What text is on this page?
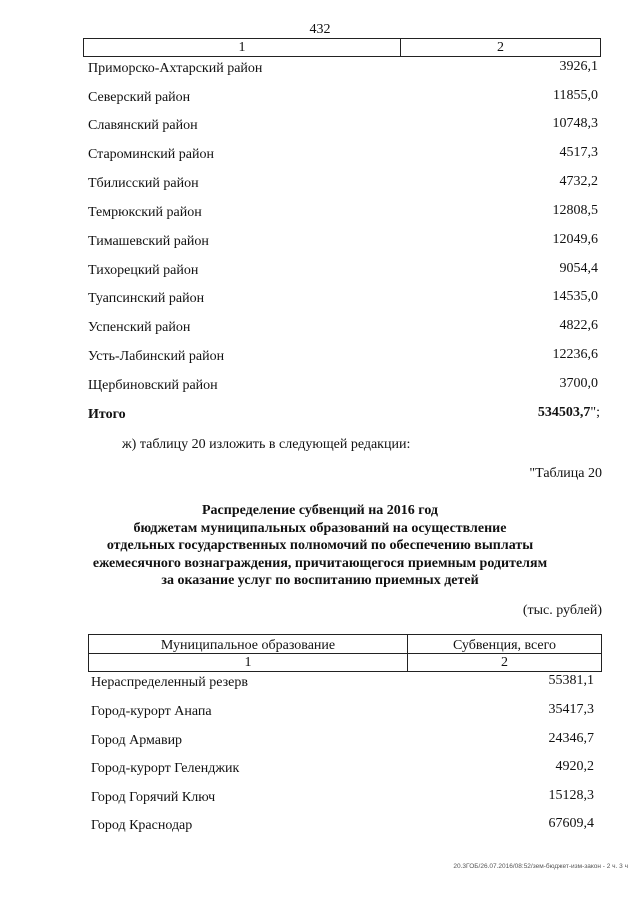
432
1	2
Приморско-Ахтарский район	3926,1
Северский район	11855,0
Славянский район	10748,3
Староминский район	4517,3
Тбилисский район	4732,2
Темрюкский район	12808,5
Тимашевский район	12049,6
Тихорецкий район	9054,4
Туапсинский район	14535,0
Успенский район	4822,6
Усть-Лабинский район	12236,6
Щербиновский район	3700,0
Итого	534503,7";
ж) таблицу 20 изложить в следующей редакции:
"Таблица 20
Распределение субвенций на 2016 год
бюджетам муниципальных образований на осуществление
отдельных государственных полномочий по обеспечению выплаты
ежемесячного вознаграждения, причитающегося приемным родителям
за оказание услуг по воспитанию приемных детей
(тыс. рублей)
Муниципальное образование	Субвенция, всего
1	2
Нераспределенный резерв	55381,1
Город-курорт Анапа	35417,3
Город Армавир	24346,7
Город-курорт Геленджик	4920,2
Город Горячий Ключ	15128,3
Город Краснодар	67609,4
20.3ГОБ/26.07.2016/08:52/зем-бюджет-изм-закон - 2 ч. 3 ч
